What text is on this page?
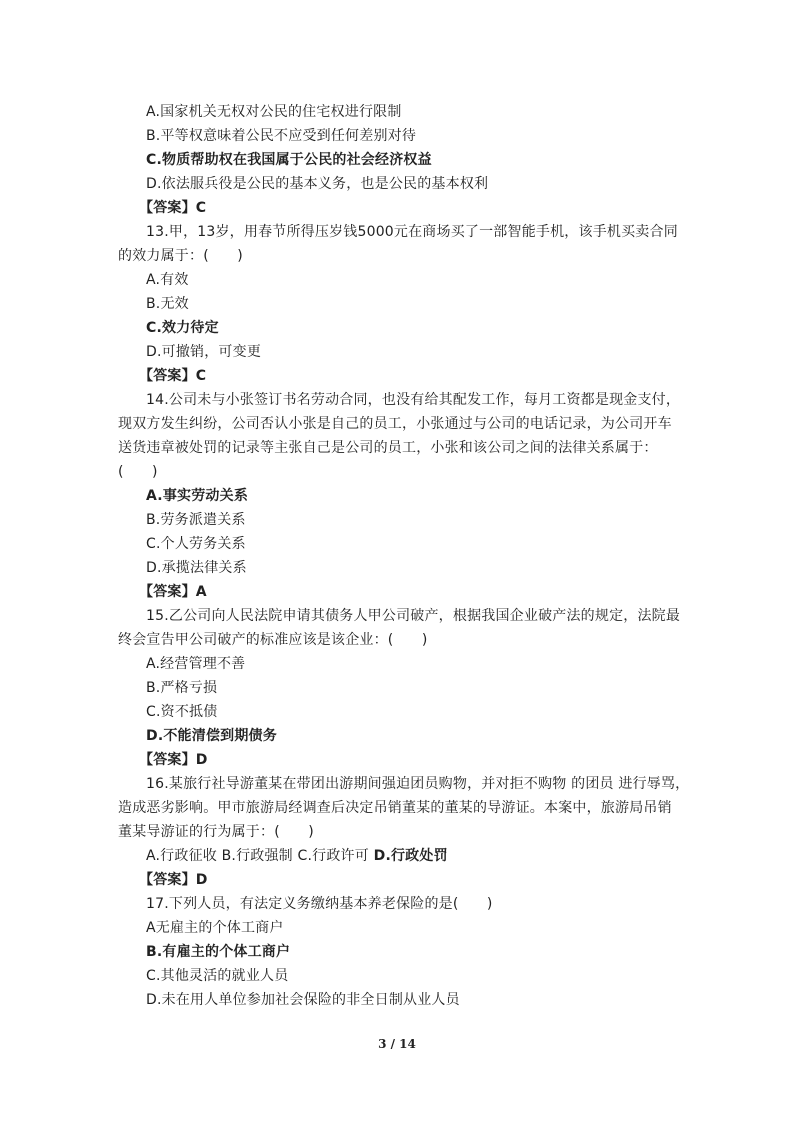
A.国家机关无权对公民的住宅权进行限制
B.平等权意味着公民不应受到任何差别对待
C.物质帮助权在我国属于公民的社会经济权益
D.依法服兵役是公民的基本义务，也是公民的基本权利
【答案】C
13.甲，13岁，用春节所得压岁钱5000元在商场买了一部智能手机，该手机买卖合同
的效力属于：(　　)
A.有效
B.无效
C.效力待定
D.可撤销，可变更
【答案】C
14.公司未与小张签订书名劳动合同，也没有给其配发工作，每月工资都是现金支付，
现双方发生纠纷，公司否认小张是自己的员工，小张通过与公司的电话记录，为公司开车
送货违章被处罚的记录等主张自己是公司的员工，小张和该公司之间的法律关系属于：
(　　)
A.事实劳动关系
B.劳务派遣关系
C.个人劳务关系
D.承揽法律关系
【答案】A
15.乙公司向人民法院申请其债务人甲公司破产，根据我国企业破产法的规定，法院最
终会宣告甲公司破产的标准应该是该企业：(　　)
A.经营管理不善
B.严格亏损
C.资不抵债
D.不能清偿到期债务
【答案】D
16.某旅行社导游董某在带团出游期间强迫团员购物，并对拒不购物 的团员 进行辱骂，
造成恶劣影响。甲市旅游局经调查后决定吊销董某的董某的导游证。本案中，旅游局吊销
董某导游证的行为属于：(　　)
A.行政征收 B.行政强制 C.行政许可 D.行政处罚
【答案】D
17.下列人员，有法定义务缴纳基本养老保险的是(　　)
A无雇主的个体工商户
B.有雇主的个体工商户
C.其他灵活的就业人员
D.未在用人单位参加社会保险的非全日制从业人员
3 / 14
